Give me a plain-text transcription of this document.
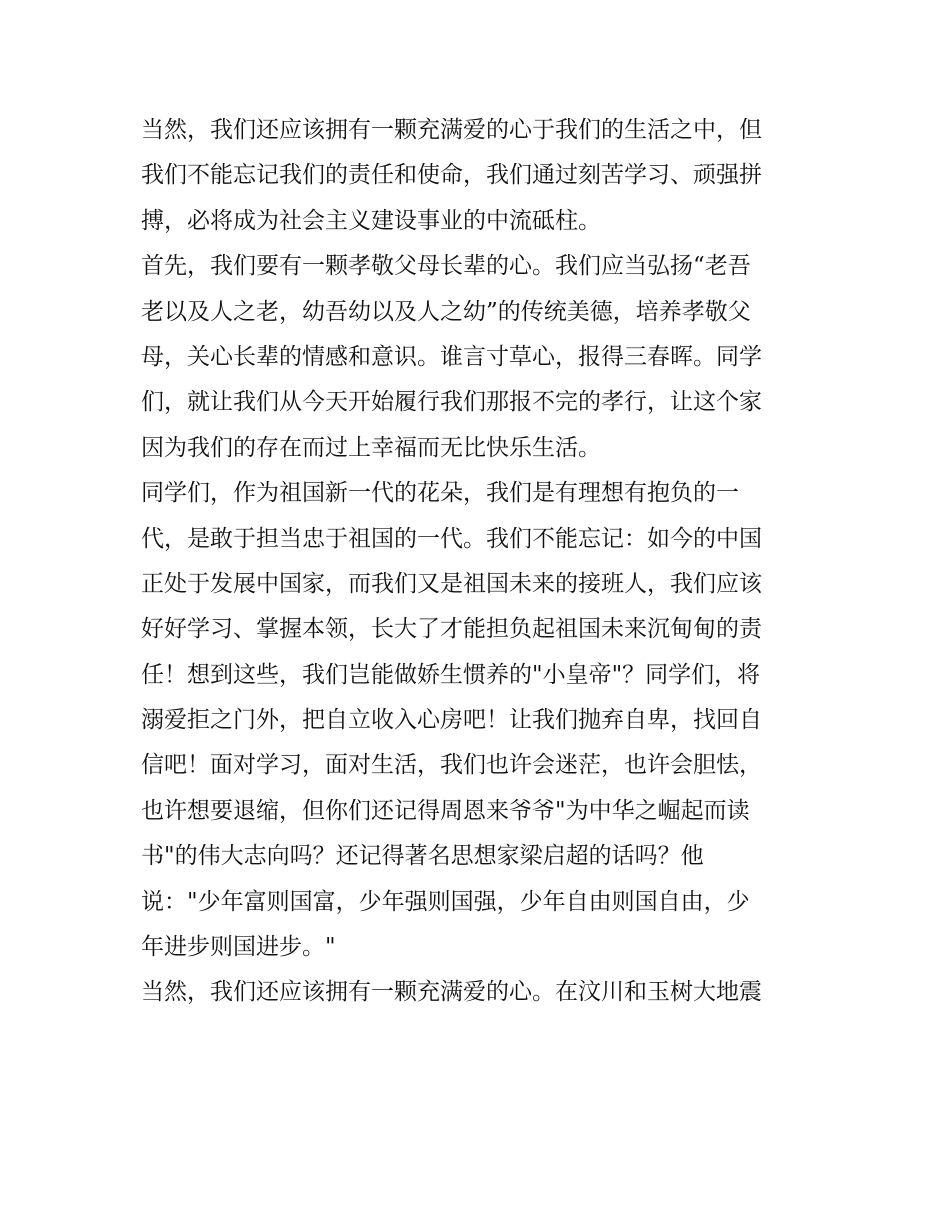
当然，我们还应该拥有一颗充满爱的心于我们的生活之中，但
我们不能忘记我们的责任和使命，我们通过刻苦学习、顽强拼
搏，必将成为社会主义建设事业的中流砥柱。
首先，我们要有一颗孝敬父母长辈的心。我们应当弘扬“老吾
老以及人之老，幼吾幼以及人之幼”的传统美德，培养孝敬父
母，关心长辈的情感和意识。谁言寸草心，报得三春晖。同学
们，就让我们从今天开始履行我们那报不完的孝行，让这个家
因为我们的存在而过上幸福而无比快乐生活。
同学们，作为祖国新一代的花朵，我们是有理想有抱负的一
代，是敢于担当忠于祖国的一代。我们不能忘记：如今的中国
正处于发展中国家，而我们又是祖国未来的接班人，我们应该
好好学习、掌握本领，长大了才能担负起祖国未来沉甸甸的责
任！想到这些，我们岂能做娇生惯养的"小皇帝"？同学们，将
溺爱拒之门外，把自立收入心房吧！让我们抛弃自卑，找回自
信吧！面对学习，面对生活，我们也许会迷茫，也许会胆怯，
也许想要退缩，但你们还记得周恩来爷爷"为中华之崛起而读
书"的伟大志向吗？还记得著名思想家梁启超的话吗？他
说："少年富则国富，少年强则国强，少年自由则国自由，少
年进步则国进步。"
当然，我们还应该拥有一颗充满爱的心。在汶川和玉树大地震
